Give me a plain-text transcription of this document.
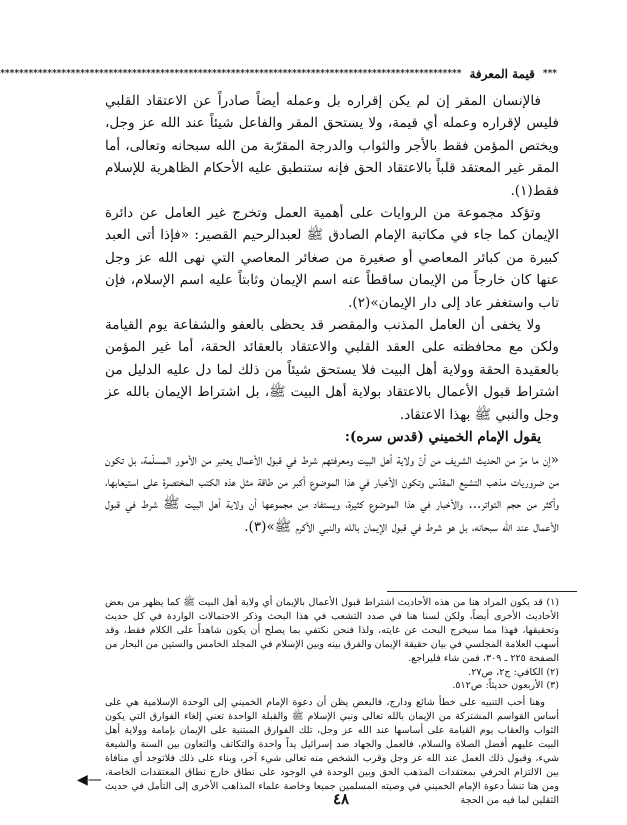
***
قيمة المعرفة
**************************************************************************************************

فالإنسان المقر إن لم يكن إقراره بل وعمله أيضاً صادراً عن الاعتقاد القلبي فليس لإقراره وعمله أي قيمة، ولا يستحق المقر والفاعل شيئاً عند الله عز وجل، ويختص المؤمن فقط بالأجر والثواب والدرجة المقرّبة من الله سبحانه وتعالى، أما المقر غير المعتقد قلباً بالاعتقاد الحق فإنه ستنطبق عليه الأحكام الظاهرية للإسلام فقط(١).

وتؤكد مجموعة من الروايات على أهمية العمل وتخرج غير العامل عن دائرة الإيمان كما جاء في مكاتبة الإمام الصادق ﷺ لعبدالرحيم القصير: «فإذا أتى العبد كبيرة من كبائر المعاصي أو صغيرة من صغائر المعاصي التي نهى الله عز وجل عنها كان خارجاً من الإيمان ساقطاً عنه اسم الإيمان وثابتاً عليه اسم الإسلام، فإن تاب واستغفر عاد إلى دار الإيمان»(٢).

ولا يخفى أن العامل المذنب والمقصر قد يحظى بالعفو والشفاعة يوم القيامة ولكن مع محافظته على العقد القلبي والاعتقاد بالعقائد الحقة، أما غير المؤمن بالعقيدة الحقة وولاية أهل البيت فلا يستحق شيئاً من ذلك لما دل عليه الدليل من اشتراط قبول الأعمال بالاعتقاد بولاية أهل البيت ﷺ، بل اشتراط الإيمان بالله عز وجل والنبي ﷺ بهذا الاعتقاد.

يقول الإمام الخميني (قدس سره):

«إن ما مرّ من الحديث الشريف من أنّ ولاية أهل البيت ومعرفتهم شرط في قبول الأعمال يعتبر من الأمور المسلّمة، بل تكون من ضروريات مذهب التشيع المقدّس وتكون الأخبار في هذا الموضوع أكبر من طاقة مثل هذه الكتب المختصرة على استيعابها، وأكثر من حجم التواتر... والأخبار في هذا الموضوع كثيرة، ويستفاد من مجموعها أن ولاية أهل البيت ﷺ شرط في قبول الأعمال عند الله سبحانه، بل هو شرط في قبول الإيمان بالله والنبي الأكرم ﷺ»(٣).

(١) قد يكون المراد هنا من هذه الأحاديث اشتراط قبول الأعمال بالإيمان أي ولاية أهل البيت ﷺ كما يظهر من بعض الأحاديث الأخرى أيضاً، ولكن لسنا هنا في صدد التشعب في هذا البحث وذكر الاحتمالات الواردة في كل حديث وتحقيقها، فهذا مما سيخرج البحث عن غايته، ولذا فنحن نكتفي بما يصلح أن يكون شاهداً على الكلام فقط، وقد أسهب العلامة المجلسي في بيان حقيقة الإيمان والفرق بينه وبين الإسلام في المجلد الخامس والستين من البحار من الصفحة ٢٢٥ ـ ٣٠٩، فمن شاء فليراجع.

(٢) الكافي: ج٢، ص٢٧.

(٣) الأربعون حديثاً: ص٥١٢.

وهنا أحب التنبيه على خطأ شائع ودارج، فالبعض يظن أن دعوة الإمام الخميني إلى الوحدة الإسلامية هي على أساس القواسم المشتركة من الإيمان بالله تعالى ونبي الإسلام ﷺ والقبلة الواحدة تعني إلغاء الفوارق التي يكون الثواب والعقاب يوم القيامة على أساسها عند الله عز وجل، تلك الفوارق المبتنية على الإيمان بإمامة وولاية أهل البيت عليهم أفضل الصلاة والسلام، فالعمل والجهاد ضد إسرائيل يداً واحدة والتكاتف والتعاون بين السنة والشيعة شيء، وقبول ذلك العمل عند الله عز وجل وقرب الشخص منه تعالى شيء آخر، وبناء على ذلك فلاتوجد أي منافاة بين الالتزام الحرفي بمعتقدات المذهب الحق وبين الوحدة في الوجود على نطاق خارج نطاق المعتقدات الخاصة، ومن هنا تنشأ دعوة الإمام الخميني في وصيته المسلمين جميعا وخاصة علماء المذاهب الأخرى إلى التأمل في حديث الثقلين لما فيه من الحجة

◀—
٤٨
